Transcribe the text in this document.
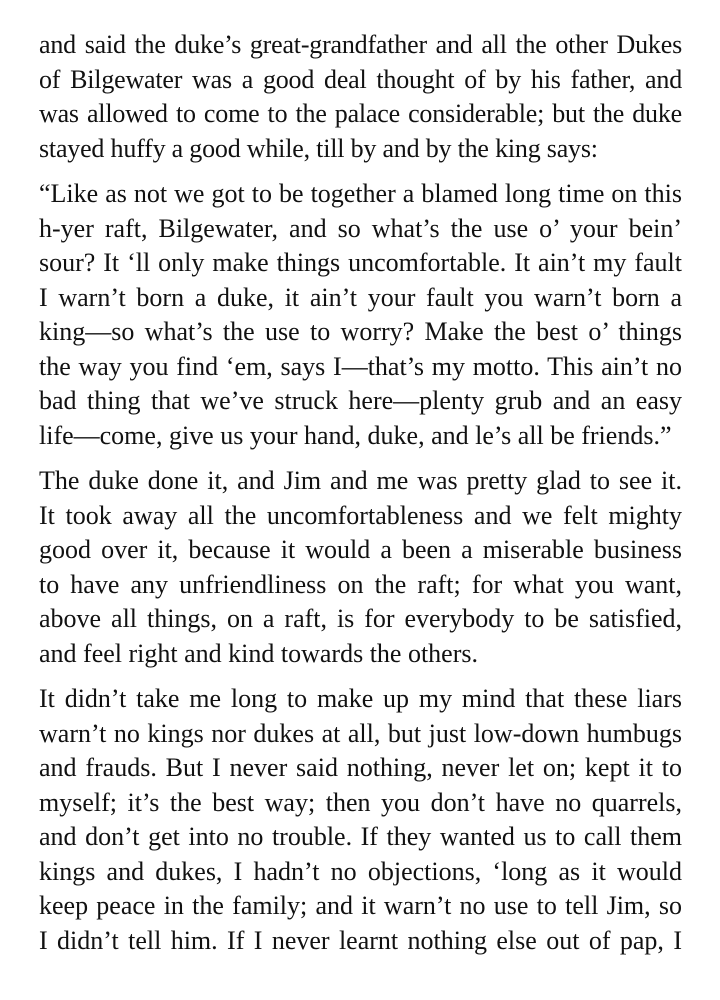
and said the duke’s great-grandfather and all the other Dukes
of Bilgewater was a good deal thought of by his father, and
was allowed to come to the palace considerable; but the duke
stayed huffy a good while, till by and by the king says:

“Like as not we got to be together a blamed long time on this
h-yer raft, Bilgewater, and so what’s the use o’ your bein’
sour? It ‘ll only make things uncomfortable. It ain’t my fault
I warn’t born a duke, it ain’t your fault you warn’t born a
king—so what’s the use to worry? Make the best o’ things
the way you find ‘em, says I—that’s my motto. This ain’t no
bad thing that we’ve struck here—plenty grub and an easy
life—come, give us your hand, duke, and le’s all be friends.”

The duke done it, and Jim and me was pretty glad to see it.
It took away all the uncomfortableness and we felt mighty
good over it, because it would a been a miserable business
to have any unfriendliness on the raft; for what you want,
above all things, on a raft, is for everybody to be satisfied,
and feel right and kind towards the others.

It didn’t take me long to make up my mind that these liars
warn’t no kings nor dukes at all, but just low-down humbugs
and frauds. But I never said nothing, never let on; kept it to
myself; it’s the best way; then you don’t have no quarrels,
and don’t get into no trouble. If they wanted us to call them
kings and dukes, I hadn’t no objections, ‘long as it would
keep peace in the family; and it warn’t no use to tell Jim, so
I didn’t tell him. If I never learnt nothing else out of pap, I
